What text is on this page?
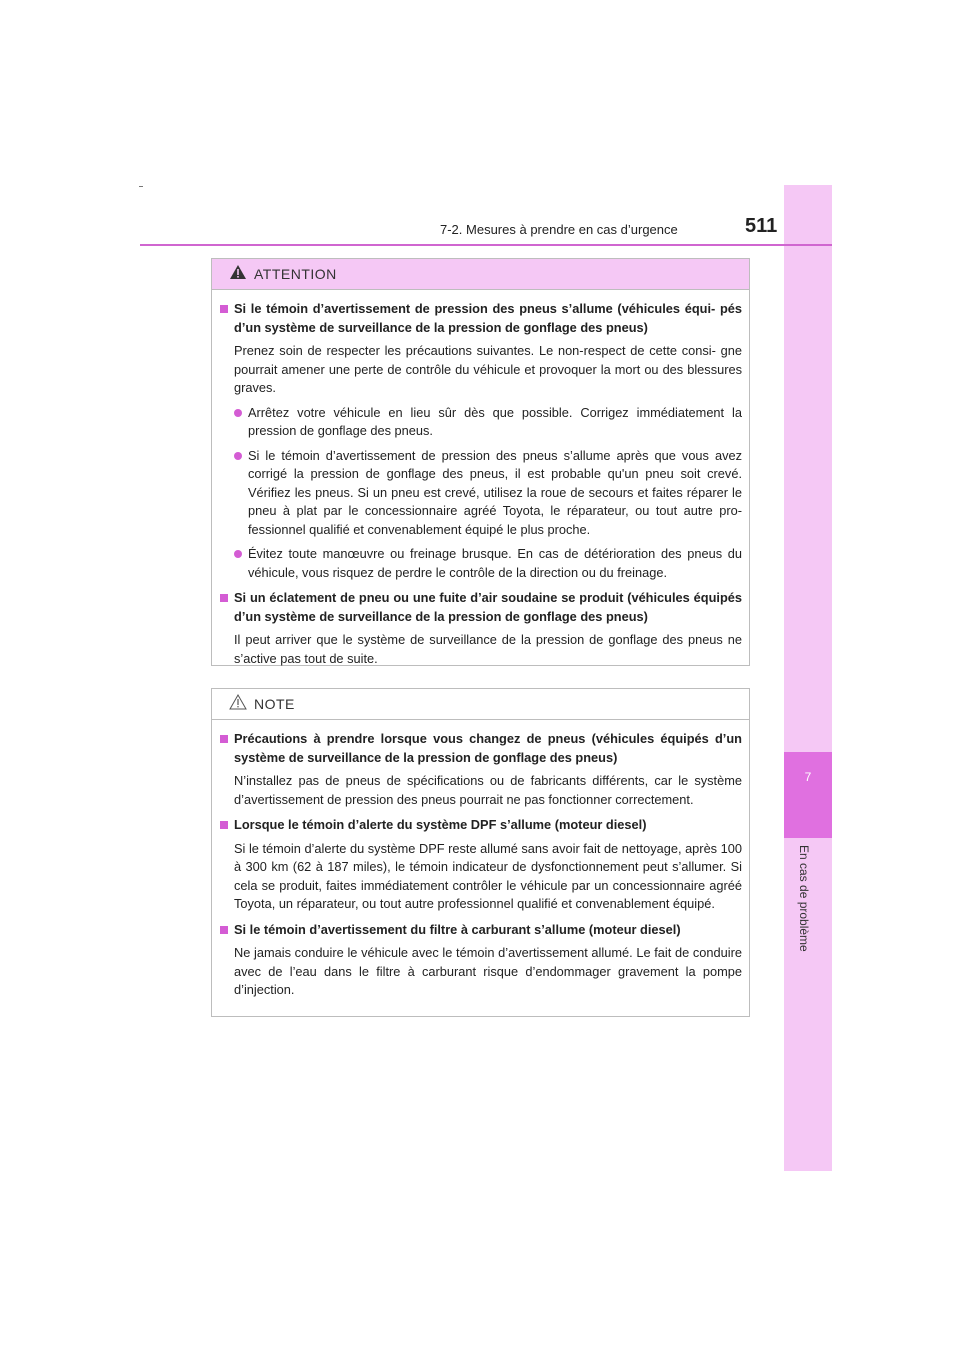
7
En cas de problème
7-2. Mesures à prendre en cas d’urgence	511
ATTENTION
Si le témoin d’avertissement de pression des pneus s’allume (véhicules équi- pés d’un système de surveillance de la pression de gonflage des pneus)
Prenez soin de respecter les précautions suivantes. Le non-respect de cette consi- gne pourrait amener une perte de contrôle du véhicule et provoquer la mort ou des blessures graves.
Arrêtez votre véhicule en lieu sûr dès que possible. Corrigez immédiatement la pression de gonflage des pneus.
Si le témoin d’avertissement de pression des pneus s’allume après que vous avez corrigé la pression de gonflage des pneus, il est probable qu'un pneu soit crevé. Vérifiez les pneus. Si un pneu est crevé, utilisez la roue de secours et faites réparer le pneu à plat par le concessionnaire agréé Toyota, le réparateur, ou tout autre pro- fessionnel qualifié et convenablement équipé le plus proche.
Évitez toute manœuvre ou freinage brusque. En cas de détérioration des pneus du véhicule, vous risquez de perdre le contrôle de la direction ou du freinage.
Si un éclatement de pneu ou une fuite d’air soudaine se produit (véhicules équipés d’un système de surveillance de la pression de gonflage des pneus)
Il peut arriver que le système de surveillance de la pression de gonflage des pneus ne s’active pas tout de suite.
NOTE
Précautions à prendre lorsque vous changez de pneus (véhicules équipés d’un système de surveillance de la pression de gonflage des pneus)
N’installez pas de pneus de spécifications ou de fabricants différents, car le système d’avertissement de pression des pneus pourrait ne pas fonctionner correctement.
Lorsque le témoin d’alerte du système DPF s’allume (moteur diesel)
Si le témoin d’alerte du système DPF reste allumé sans avoir fait de nettoyage, après 100 à 300 km (62 à 187 miles), le témoin indicateur de dysfonctionnement peut s’allumer. Si cela se produit, faites immédiatement contrôler le véhicule par un concessionnaire agréé Toyota, un réparateur, ou tout autre professionnel qualifié et convenablement équipé.
Si le témoin d’avertissement du filtre à carburant s’allume (moteur diesel)
Ne jamais conduire le véhicule avec le témoin d’avertissement allumé. Le fait de conduire avec de l’eau dans le filtre à carburant risque d’endommager gravement la pompe d’injection.
